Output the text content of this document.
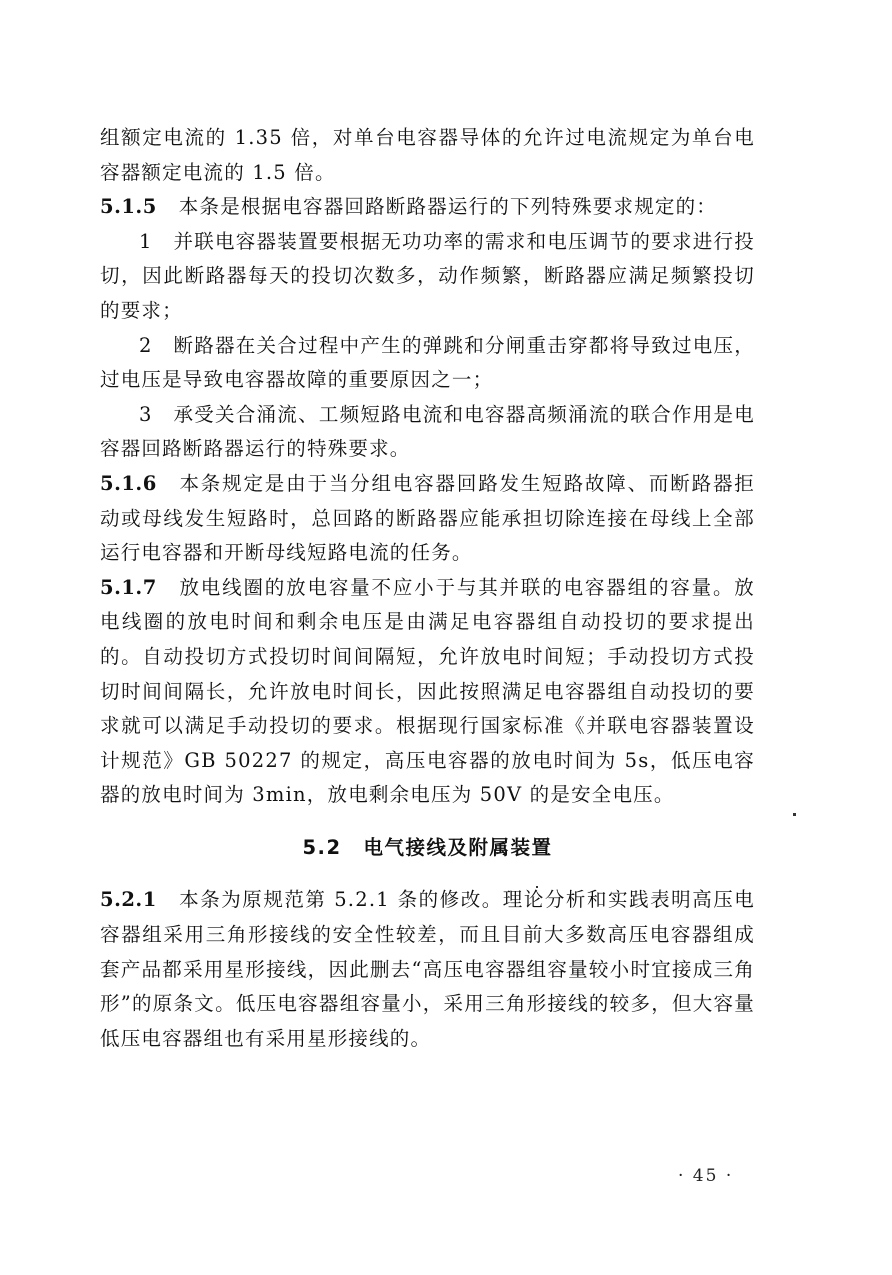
组额定电流的 1.35 倍，对单台电容器导体的允许过电流规定为单台电容器额定电流的 1.5 倍。

5.1.5 本条是根据电容器回路断路器运行的下列特殊要求规定的：

1　并联电容器装置要根据无功功率的需求和电压调节的要求进行投切，因此断路器每天的投切次数多，动作频繁，断路器应满足频繁投切的要求；

2　断路器在关合过程中产生的弹跳和分闸重击穿都将导致过电压，过电压是导致电容器故障的重要原因之一；

3　承受关合涌流、工频短路电流和电容器高频涌流的联合作用是电容器回路断路器运行的特殊要求。

5.1.6 本条规定是由于当分组电容器回路发生短路故障、而断路器拒动或母线发生短路时，总回路的断路器应能承担切除连接在母线上全部运行电容器和开断母线短路电流的任务。

5.1.7 放电线圈的放电容量不应小于与其并联的电容器组的容量。放电线圈的放电时间和剩余电压是由满足电容器组自动投切的要求提出的。自动投切方式投切时间间隔短，允许放电时间短；手动投切方式投切时间间隔长，允许放电时间长，因此按照满足电容器组自动投切的要求就可以满足手动投切的要求。根据现行国家标准《并联电容器装置设计规范》GB 50227 的规定，高压电容器的放电时间为 5s，低压电容器的放电时间为 3min，放电剩余电压为 50V 的是安全电压。

5.2 电气接线及附属装置

5.2.1 本条为原规范第 5.2.1 条的修改。理论分析和实践表明高压电容器组采用三角形接线的安全性较差，而且目前大多数高压电容器组成套产品都采用星形接线，因此删去“高压电容器组容量较小时宜接成三角形”的原条文。低压电容器组容量小，采用三角形接线的较多，但大容量低压电容器组也有采用星形接线的。

· 45 ·
